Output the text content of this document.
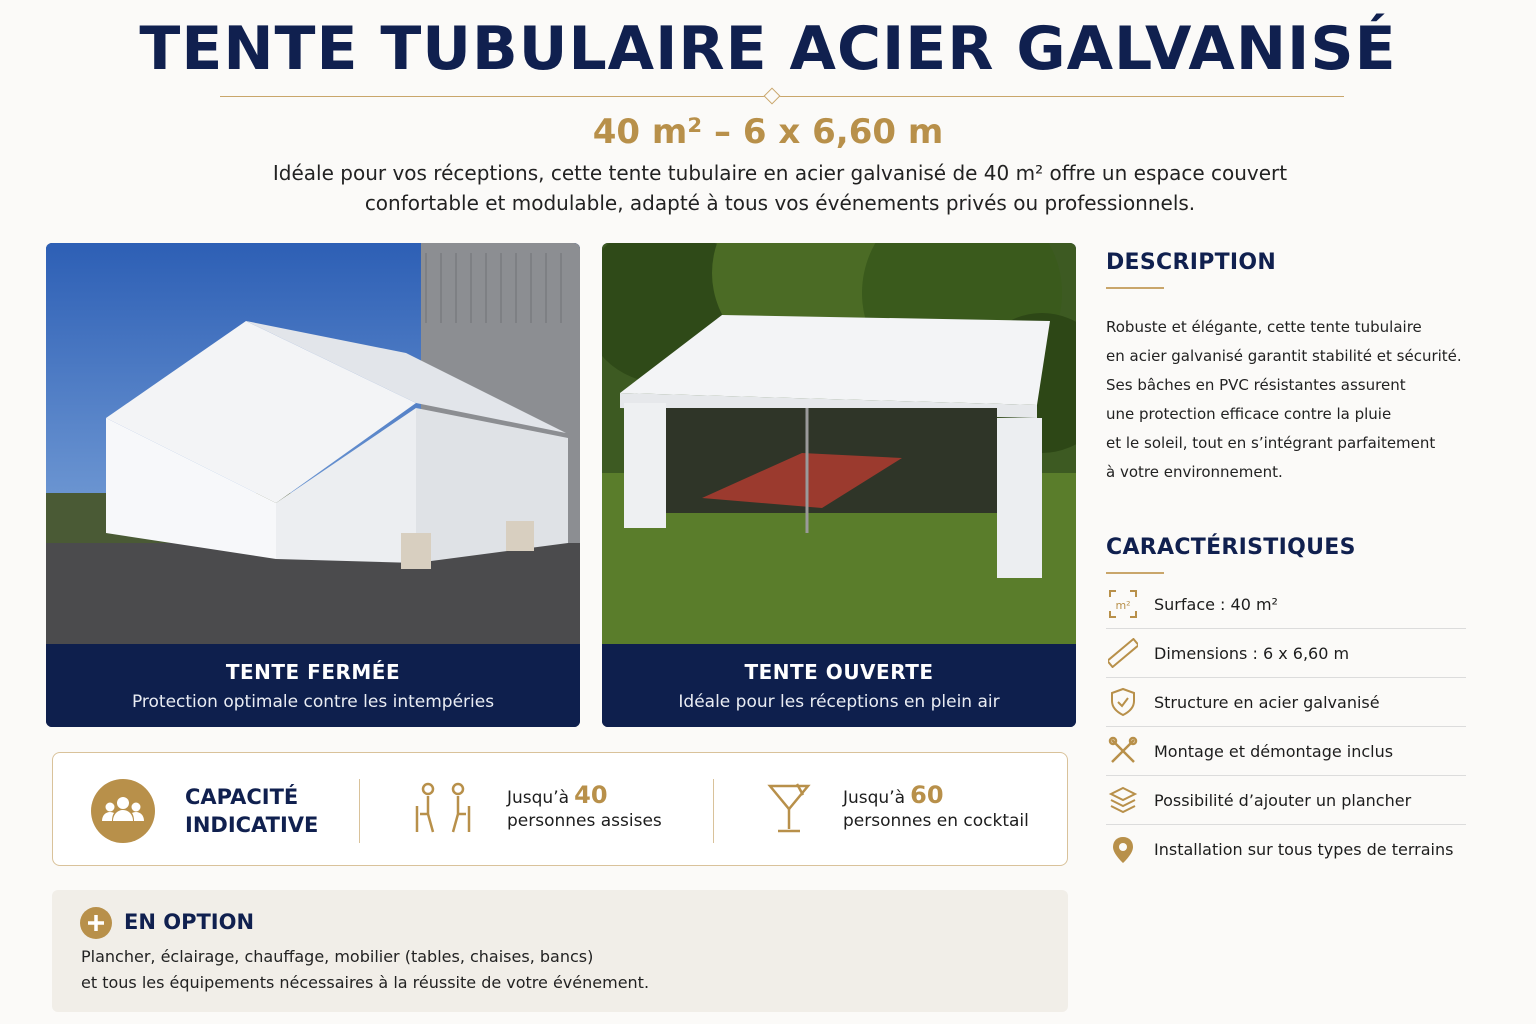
TENTE TUBULAIRE ACIER GALVANISÉ
40 m² – 6 x 6,60 m
Idéale pour vos réceptions, cette tente tubulaire en acier galvanisé de 40 m² offre un espace couvert
confortable et modulable, adapté à tous vos événements privés ou professionnels.
TENTE FERMÉE
Protection optimale contre les intempéries
TENTE OUVERTE
Idéale pour les réceptions en plein air
DESCRIPTION

Robuste et élégante, cette tente tubulaire

en acier galvanisé garantit stabilité et sécurité.

Ses bâches en PVC résistantes assurent

une protection efficace contre la pluie

et le soleil, tout en s’intégrant parfaitement

à votre environnement.

CARACTÉRISTIQUES
m² Surface : 40 m²
Dimensions : 6 x 6,60 m
Structure en acier galvanisé
Montage et démontage inclus
Possibilité d’ajouter un plancher
Installation sur tous types de terrains
CAPACITÉ
INDICATIVE
Jusqu’à 40
personnes assises
Jusqu’à 60
personnes en cocktail
EN OPTION
Plancher, éclairage, chauffage, mobilier (tables, chaises, bancs)
et tous les équipements nécessaires à la réussite de votre événement.
